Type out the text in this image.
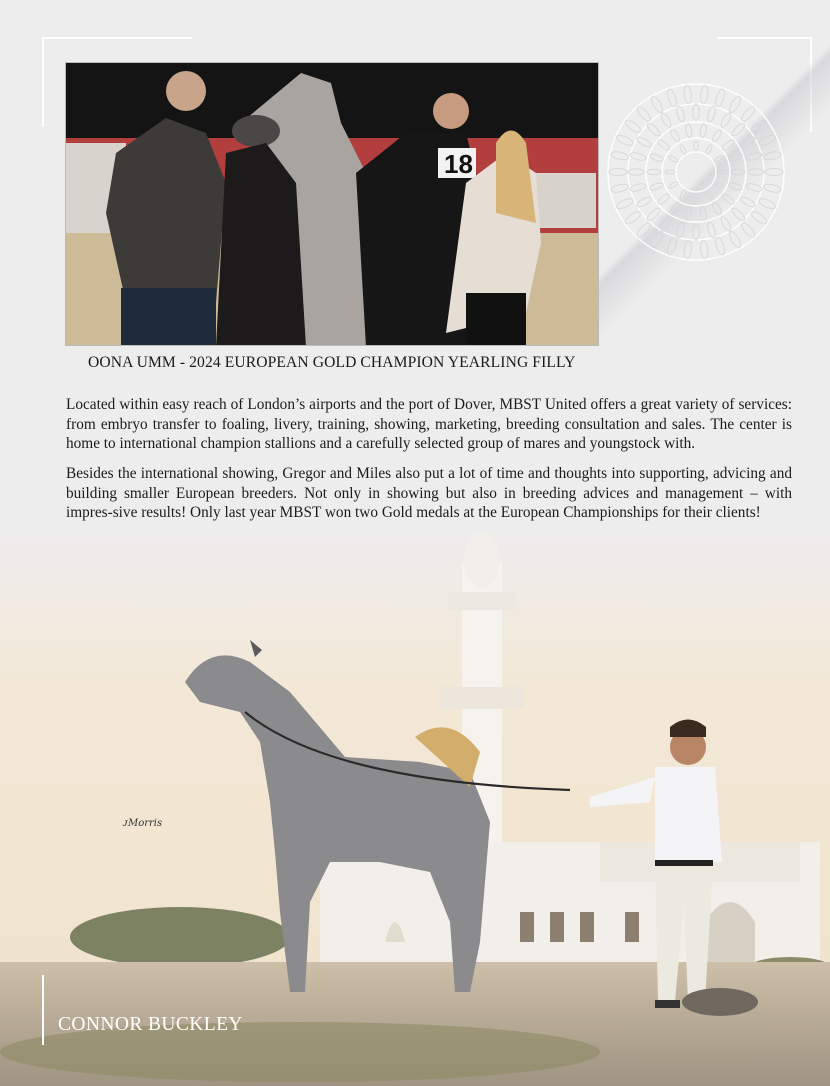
18
OONA UMM - 2024 EUROPEAN GOLD CHAMPION YEARLING FILLY

Located within easy reach of London’s airports and the port of Dover, MBST United offers a great variety of services: from embryo transfer to foaling, livery, training, showing, marketing, breeding consultation and sales. The center is home to international champion stallions and a carefully selected group of mares and youngstock with.

Besides the international showing, Gregor and Miles also put a lot of time and thoughts into supporting, advicing and building smaller European breeders. Not only in showing but also in breeding advices and management – with impres-sive results! Only last year MBST won two Gold medals at the European Championships for their clients!

ᴊMorris
CONNOR BUCKLEY
